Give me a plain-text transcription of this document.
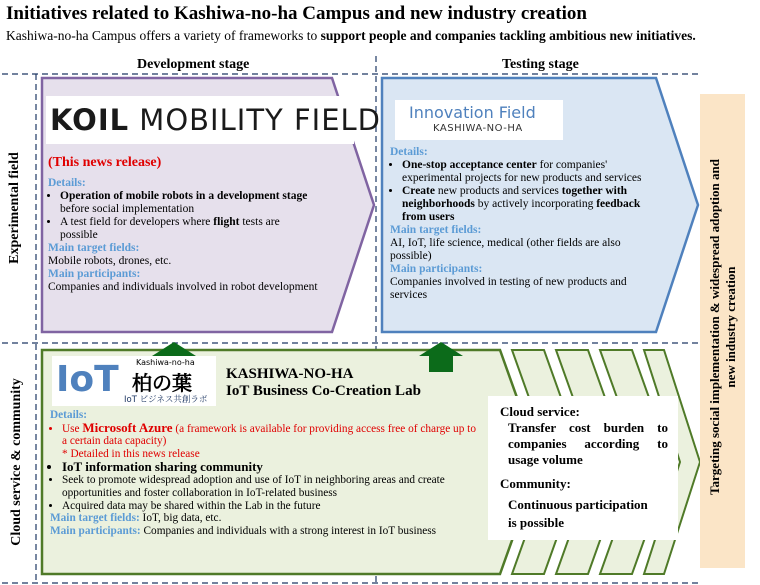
Initiatives related to Kashiwa-no-ha Campus and new industry creation
Kashiwa-no-ha Campus offers a variety of frameworks to support people and companies tackling ambitious new initiatives.
Development stage	Testing stage
Experimental field
Cloud service & community	Targeting social implementation & widespread adoption and new industry creation
KOIL MOBILITY FIELD
(This news release)
Details:
• Operation of mobile robots in a development stage before social implementation
• A test field for developers where flight tests are possible
Main target fields:
Mobile robots, drones, etc.
Main participants:
Companies and individuals involved in robot development
Innovation Field
KASHIWA-NO-HA
Details:
• One-stop acceptance center for companies' experimental projects for new products and services
• Create new products and services together with neighborhoods by actively incorporating feedback from users
Main target fields:
AI, IoT, life science, medical (other fields are also possible)
Main participants:
Companies involved in testing of new products and services
IoT Kashiwa-no-ha
柏の葉
IoT ビジネス共創ラボ
KASHIWA-NO-HA
IoT Business Co-Creation Lab
Details:
• Use Microsoft Azure (a framework is available for providing access free of charge up to a certain data capacity)
* Detailed in this news release
• IoT information sharing community
• Seek to promote widespread adoption and use of IoT in neighboring areas and create opportunities and foster collaboration in IoT-related business
• Acquired data may be shared within the Lab in the future
Main target fields: IoT, big data, etc.
Main participants: Companies and individuals with a strong interest in IoT business
Cloud service:
Transfer cost burden to companies according to usage volume
Community:
Continuous participation is possible
